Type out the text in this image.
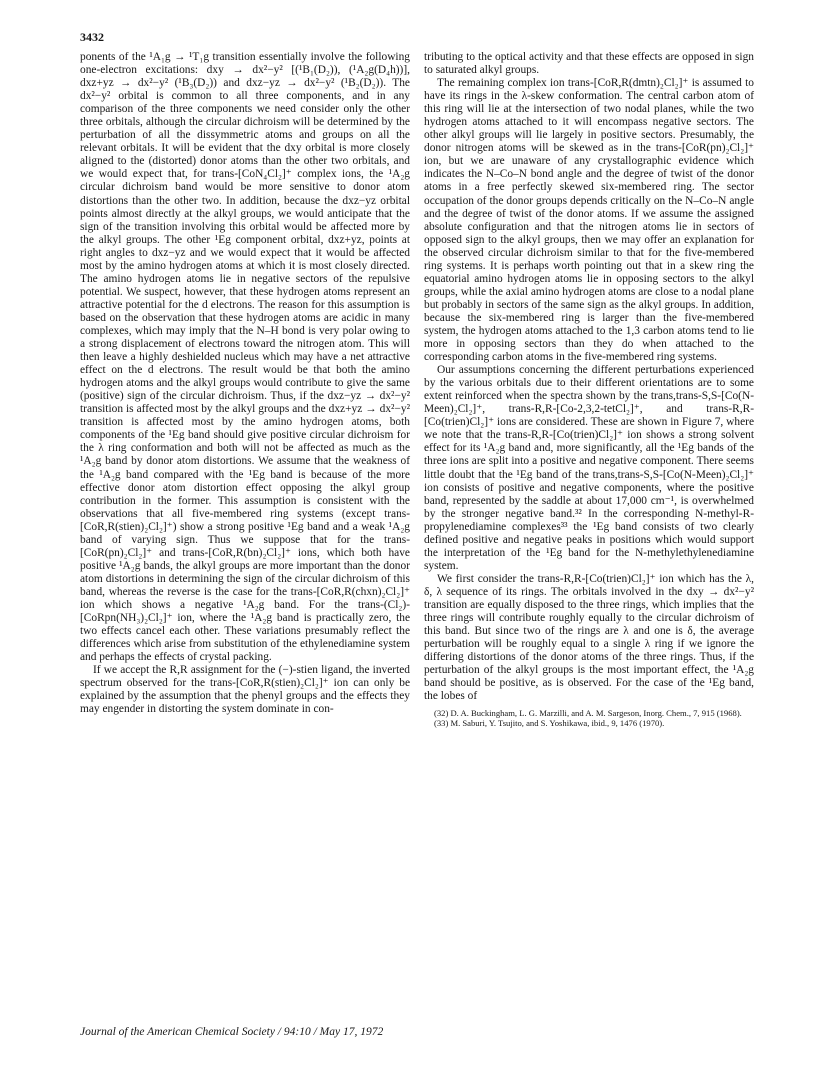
3432

ponents of the ¹A₁g → ¹T₁g transition essentially involve the following one-electron excitations: dxy → dx²−y² [(¹B₁(D₂)), (¹A₂g(D₄h))], dxz+yz → dx²−y² (¹B₃(D₂)) and dxz−yz → dx²−y² (¹B₂(D₂)). The dx²−y² orbital is common to all three components, and in any comparison of the three components we need consider only the other three orbitals, although the circular dichroism will be determined by the perturbation of all the dissymmetric atoms and groups on all the relevant orbitals. It will be evident that the dxy orbital is more closely aligned to the (distorted) donor atoms than the other two orbitals, and we would expect that, for trans-[CoN₄Cl₂]⁺ complex ions, the ¹A₂g circular dichroism band would be more sensitive to donor atom distortions than the other two. In addition, because the dxz−yz orbital points almost directly at the alkyl groups, we would anticipate that the sign of the transition involving this orbital would be affected more by the alkyl groups. The other ¹Eg component orbital, dxz+yz, points at right angles to dxz−yz and we would expect that it would be affected most by the amino hydrogen atoms at which it is most closely directed. The amino hydrogen atoms lie in negative sectors of the repulsive potential. We suspect, however, that these hydrogen atoms represent an attractive potential for the d electrons. The reason for this assumption is based on the observation that these hydrogen atoms are acidic in many complexes, which may imply that the N–H bond is very polar owing to a strong displacement of electrons toward the nitrogen atom. This will then leave a highly deshielded nucleus which may have a net attractive effect on the d electrons. The result would be that both the amino hydrogen atoms and the alkyl groups would contribute to give the same (positive) sign of the circular dichroism. Thus, if the dxz−yz → dx²−y² transition is affected most by the alkyl groups and the dxz+yz → dx²−y² transition is affected most by the amino hydrogen atoms, both components of the ¹Eg band should give positive circular dichroism for the λ ring conformation and both will not be affected as much as the ¹A₂g band by donor atom distortions. We assume that the weakness of the ¹A₂g band compared with the ¹Eg band is because of the more effective donor atom distortion effect opposing the alkyl group contribution in the former. This assumption is consistent with the observations that all five-membered ring systems (except trans-[CoR,R(stien)₂Cl₂]⁺) show a strong positive ¹Eg band and a weak ¹A₂g band of varying sign. Thus we suppose that for the trans-[CoR(pn)₂Cl₂]⁺ and trans-[CoR,R(bn)₂Cl₂]⁺ ions, which both have positive ¹A₂g bands, the alkyl groups are more important than the donor atom distortions in determining the sign of the circular dichroism of this band, whereas the reverse is the case for the trans-[CoR,R(chxn)₂Cl₂]⁺ ion which shows a negative ¹A₂g band. For the trans-(Cl₂)-[CoRpn(NH₃)₂Cl₂]⁺ ion, where the ¹A₂g band is practically zero, the two effects cancel each other. These variations presumably reflect the differences which arise from substitution of the ethylenediamine system and perhaps the effects of crystal packing.

If we accept the R,R assignment for the (−)-stien ligand, the inverted spectrum observed for the trans-[CoR,R(stien)₂Cl₂]⁺ ion can only be explained by the assumption that the phenyl groups and the effects they may engender in distorting the system dominate in con-

tributing to the optical activity and that these effects are opposed in sign to saturated alkyl groups.

The remaining complex ion trans-[CoR,R(dmtn)₂Cl₂]⁺ is assumed to have its rings in the λ-skew conformation. The central carbon atom of this ring will lie at the intersection of two nodal planes, while the two hydrogen atoms attached to it will encompass negative sectors. The other alkyl groups will lie largely in positive sectors. Presumably, the donor nitrogen atoms will be skewed as in the trans-[CoR(pn)₂Cl₂]⁺ ion, but we are unaware of any crystallographic evidence which indicates the N–Co–N bond angle and the degree of twist of the donor atoms in a free perfectly skewed six-membered ring. The sector occupation of the donor groups depends critically on the N–Co–N angle and the degree of twist of the donor atoms. If we assume the assigned absolute configuration and that the nitrogen atoms lie in sectors of opposed sign to the alkyl groups, then we may offer an explanation for the observed circular dichroism similar to that for the five-membered ring systems. It is perhaps worth pointing out that in a skew ring the equatorial amino hydrogen atoms lie in opposing sectors to the alkyl groups, while the axial amino hydrogen atoms are close to a nodal plane but probably in sectors of the same sign as the alkyl groups. In addition, because the six-membered ring is larger than the five-membered system, the hydrogen atoms attached to the 1,3 carbon atoms tend to lie more in opposing sectors than they do when attached to the corresponding carbon atoms in the five-membered ring systems.

Our assumptions concerning the different perturbations experienced by the various orbitals due to their different orientations are to some extent reinforced when the spectra shown by the trans,trans-S,S-[Co(N-Meen)₂Cl₂]⁺, trans-R,R-[Co-2,3,2-tetCl₂]⁺, and trans-R,R-[Co(trien)Cl₂]⁺ ions are considered. These are shown in Figure 7, where we note that the trans-R,R-[Co(trien)Cl₂]⁺ ion shows a strong solvent effect for its ¹A₂g band and, more significantly, all the ¹Eg bands of the three ions are split into a positive and negative component. There seems little doubt that the ¹Eg band of the trans,trans-S,S-[Co(N-Meen)₂Cl₂]⁺ ion consists of positive and negative components, where the positive band, represented by the saddle at about 17,000 cm⁻¹, is overwhelmed by the stronger negative band.³² In the corresponding N-methyl-R-propylenediamine complexes³³ the ¹Eg band consists of two clearly defined positive and negative peaks in positions which would support the interpretation of the ¹Eg band for the N-methylethylenediamine system.

We first consider the trans-R,R-[Co(trien)Cl₂]⁺ ion which has the λ, δ, λ sequence of its rings. The orbitals involved in the dxy → dx²−y² transition are equally disposed to the three rings, which implies that the three rings will contribute roughly equally to the circular dichroism of this band. But since two of the rings are λ and one is δ, the average perturbation will be roughly equal to a single λ ring if we ignore the differing distortions of the donor atoms of the three rings. Thus, if the perturbation of the alkyl groups is the most important effect, the ¹A₂g band should be positive, as is observed. For the case of the ¹Eg band, the lobes of

(32) D. A. Buckingham, L. G. Marzilli, and A. M. Sargeson, Inorg. Chem., 7, 915 (1968).
(33) M. Saburi, Y. Tsujito, and S. Yoshikawa, ibid., 9, 1476 (1970).
Journal of the American Chemical Society / 94:10 / May 17, 1972
